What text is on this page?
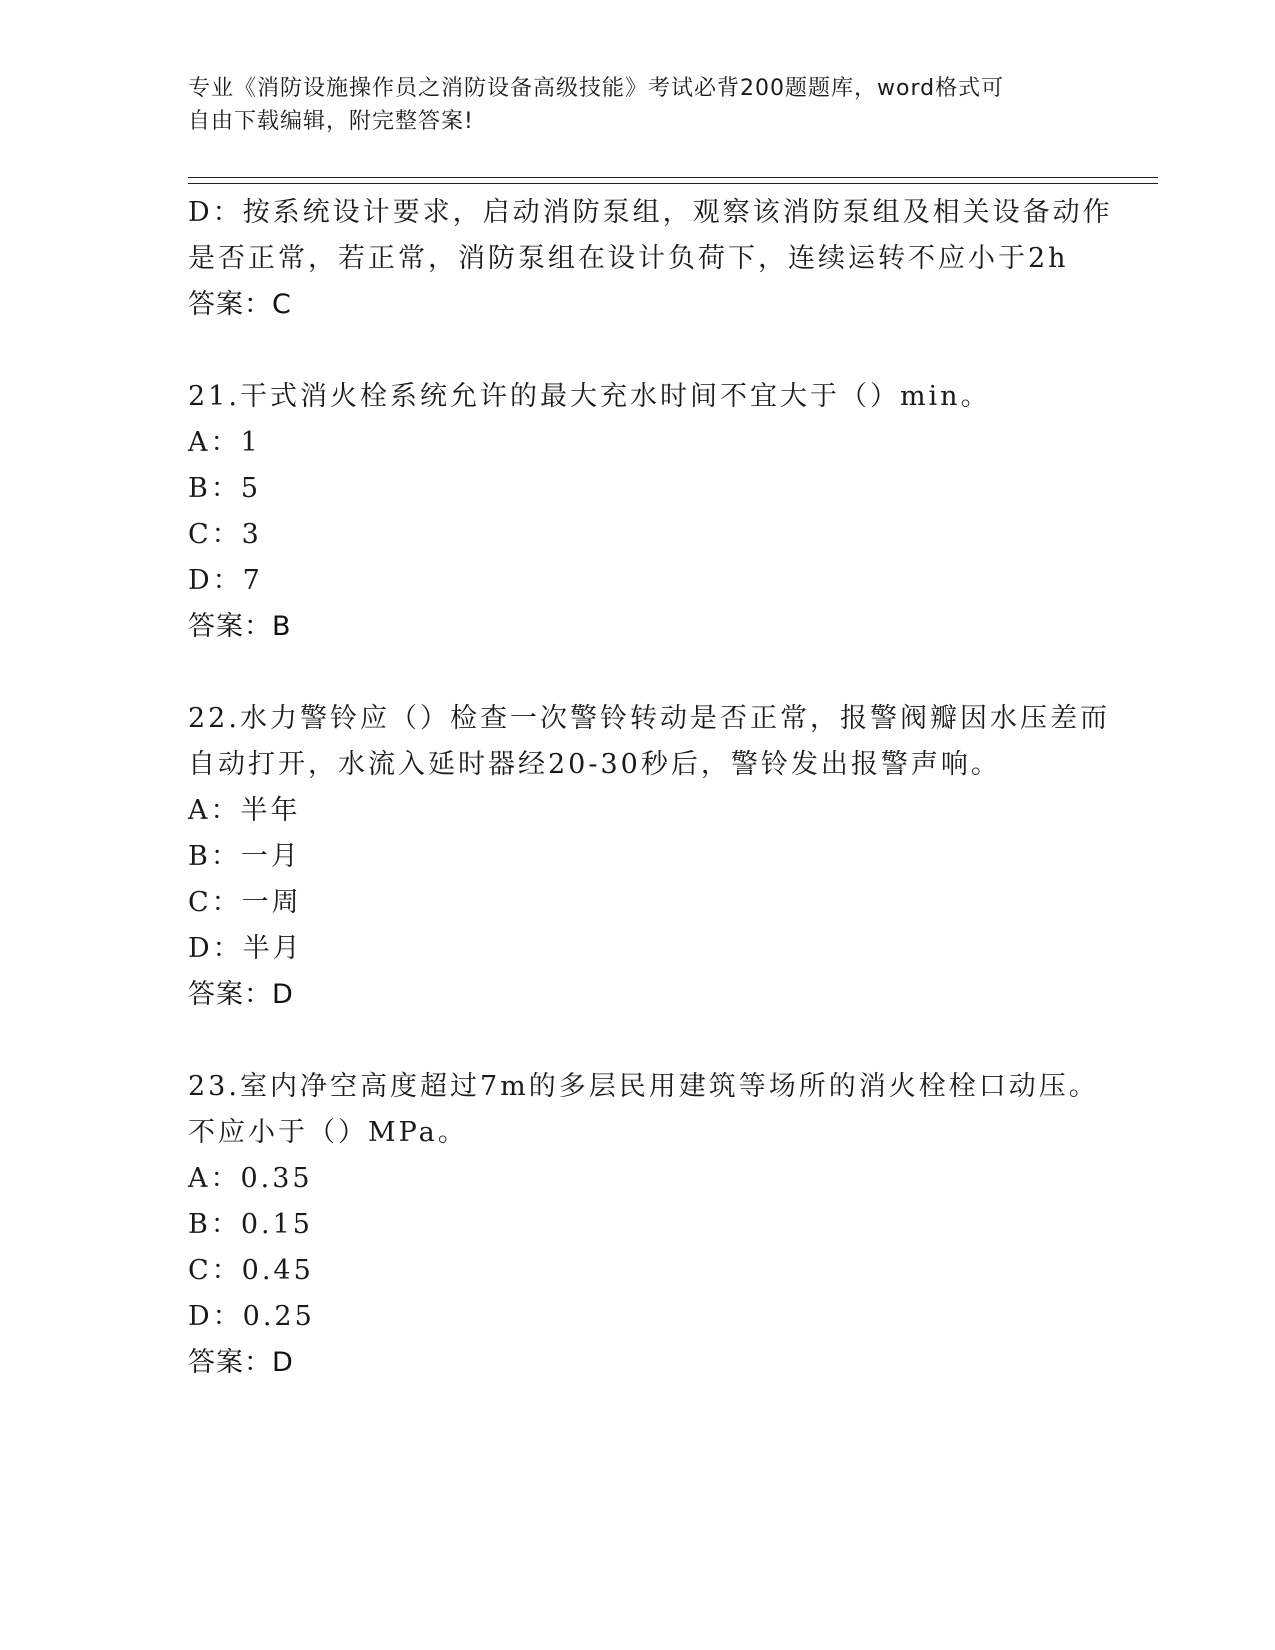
专业《消防设施操作员之消防设备高级技能》考试必背200题题库，word格式可
自由下载编辑，附完整答案!
D：按系统设计要求，启动消防泵组，观察该消防泵组及相关设备动作
是否正常，若正常，消防泵组在设计负荷下，连续运转不应小于2h
答案：C
21.干式消火栓系统允许的最大充水时间不宜大于（）min。
A：1
B：5
C：3
D：7
答案：B
22.水力警铃应（）检查一次警铃转动是否正常，报警阀瓣因水压差而
自动打开，水流入延时器经20-30秒后，警铃发出报警声响。
A：半年
B：一月
C：一周
D：半月
答案：D
23.室内净空高度超过7m的多层民用建筑等场所的消火栓栓口动压。
不应小于（）MPa。
A：0.35
B：0.15
C：0.45
D：0.25
答案：D
